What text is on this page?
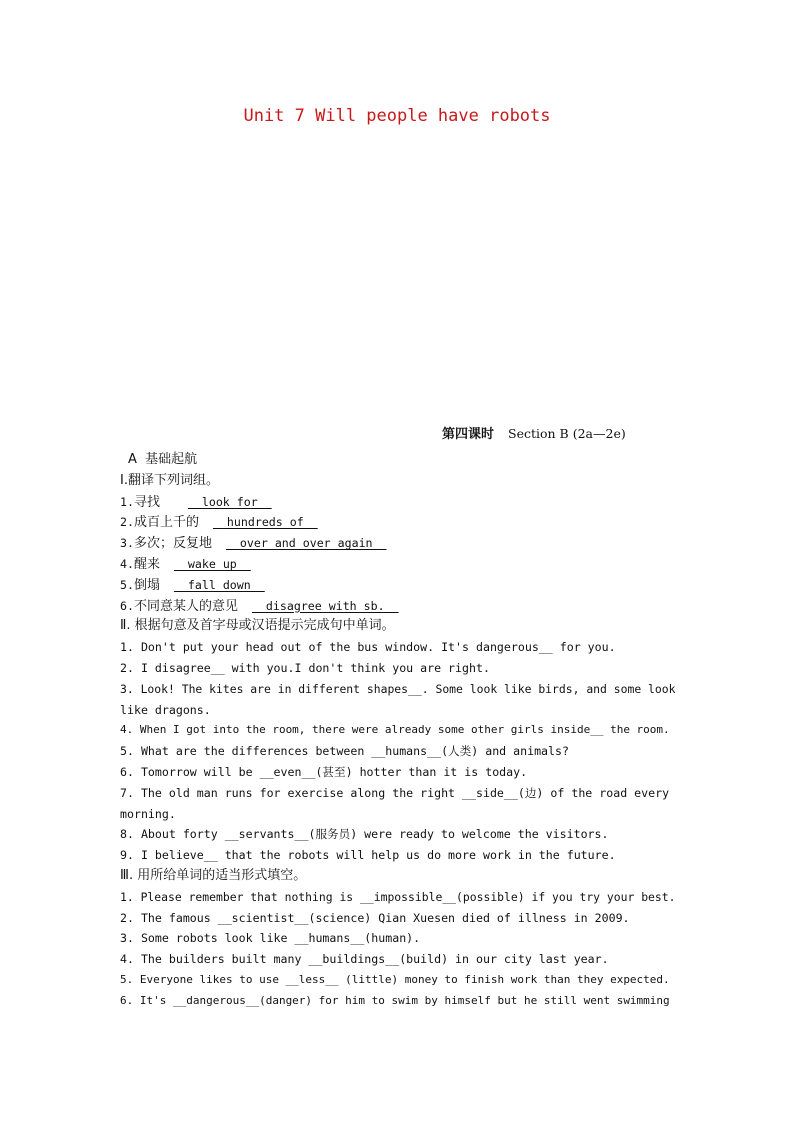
Unit 7 Will people have robots
第四课时 Section B (2a—2e)
A  基础起航
Ⅰ.翻译下列词组。
1.寻找 __look for__
2.成百上千的 __hundreds of__
3.多次；反复地 __over and over again__
4.醒来 __wake up__
5.倒塌 __fall down__
6.不同意某人的意见 __disagree with sb.__
Ⅱ. 根据句意及首字母或汉语提示完成句中单词。
1. Don't put your head out of the bus window. It's dangerous__ for you.
2. I disagree__ with you.I don't think you are right.
3. Look! The kites are in different shapes__. Some look like birds, and some look
like dragons.
4. When I got into the room, there were already some other girls inside__ the room.
5. What are the differences between __humans__(人类) and animals?
6. Tomorrow will be __even__(甚至) hotter than it is today.
7. The old man runs for exercise along the right __side__(边) of the road every
morning.
8. About forty __servants__(服务员) were ready to welcome the visitors.
9. I believe__ that the robots will help us do more work in the future.
Ⅲ. 用所给单词的适当形式填空。
1. Please remember that nothing is __impossible__(possible) if you try your best.
2. The famous __scientist__(science) Qian Xuesen died of illness in 2009.
3. Some robots look like __humans__(human).
4. The builders built many __buildings__(build) in our city last year.
5. Everyone likes to use __less__ (little) money to finish work than they expected.
6. It's __dangerous__(danger) for him to swim by himself but he still went swimming
